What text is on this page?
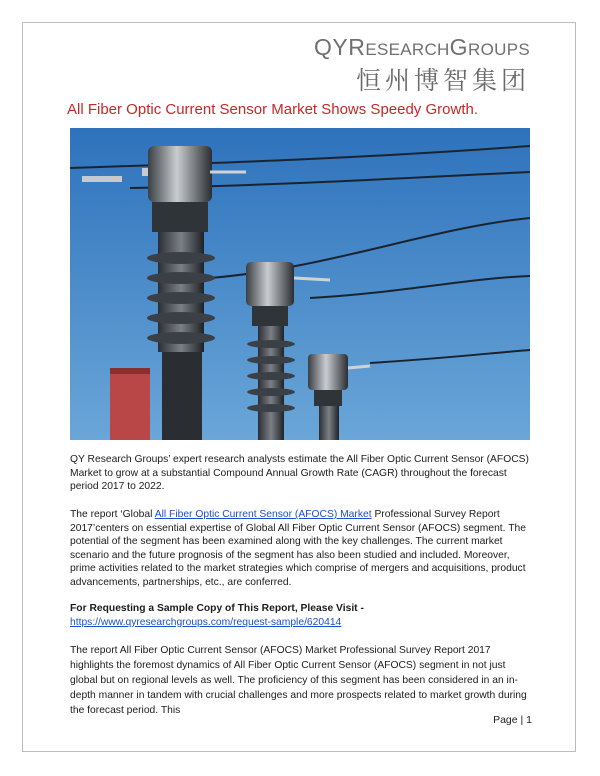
QYRESEARCHGROUPS
恒州博智集团
All Fiber Optic Current Sensor Market Shows Speedy Growth.

QY Research Groups’ expert research analysts estimate the All Fiber Optic Current Sensor (AFOCS) Market to grow at a substantial Compound Annual Growth Rate (CAGR) throughout the forecast period 2017 to 2022.

The report ‘Global All Fiber Optic Current Sensor (AFOCS) Market Professional Survey Report 2017’centers on essential expertise of Global All Fiber Optic Current Sensor (AFOCS) segment. The potential of the segment has been examined along with the key challenges. The current market scenario and the future prognosis of the segment has also been studied and included. Moreover, prime activities related to the market strategies which comprise of mergers and acquisitions, product advancements, partnerships, etc., are conferred.

For Requesting a Sample Copy of This Report, Please Visit -

https://www.qyresearchgroups.com/request-sample/620414

The report All Fiber Optic Current Sensor (AFOCS) Market Professional Survey Report 2017 highlights the foremost dynamics of All Fiber Optic Current Sensor (AFOCS) segment in not just global but on regional levels as well. The proficiency of this segment has been considered in an in-depth manner in tandem with crucial challenges and more prospects related to market growth during the forecast period. This

Page | 1
